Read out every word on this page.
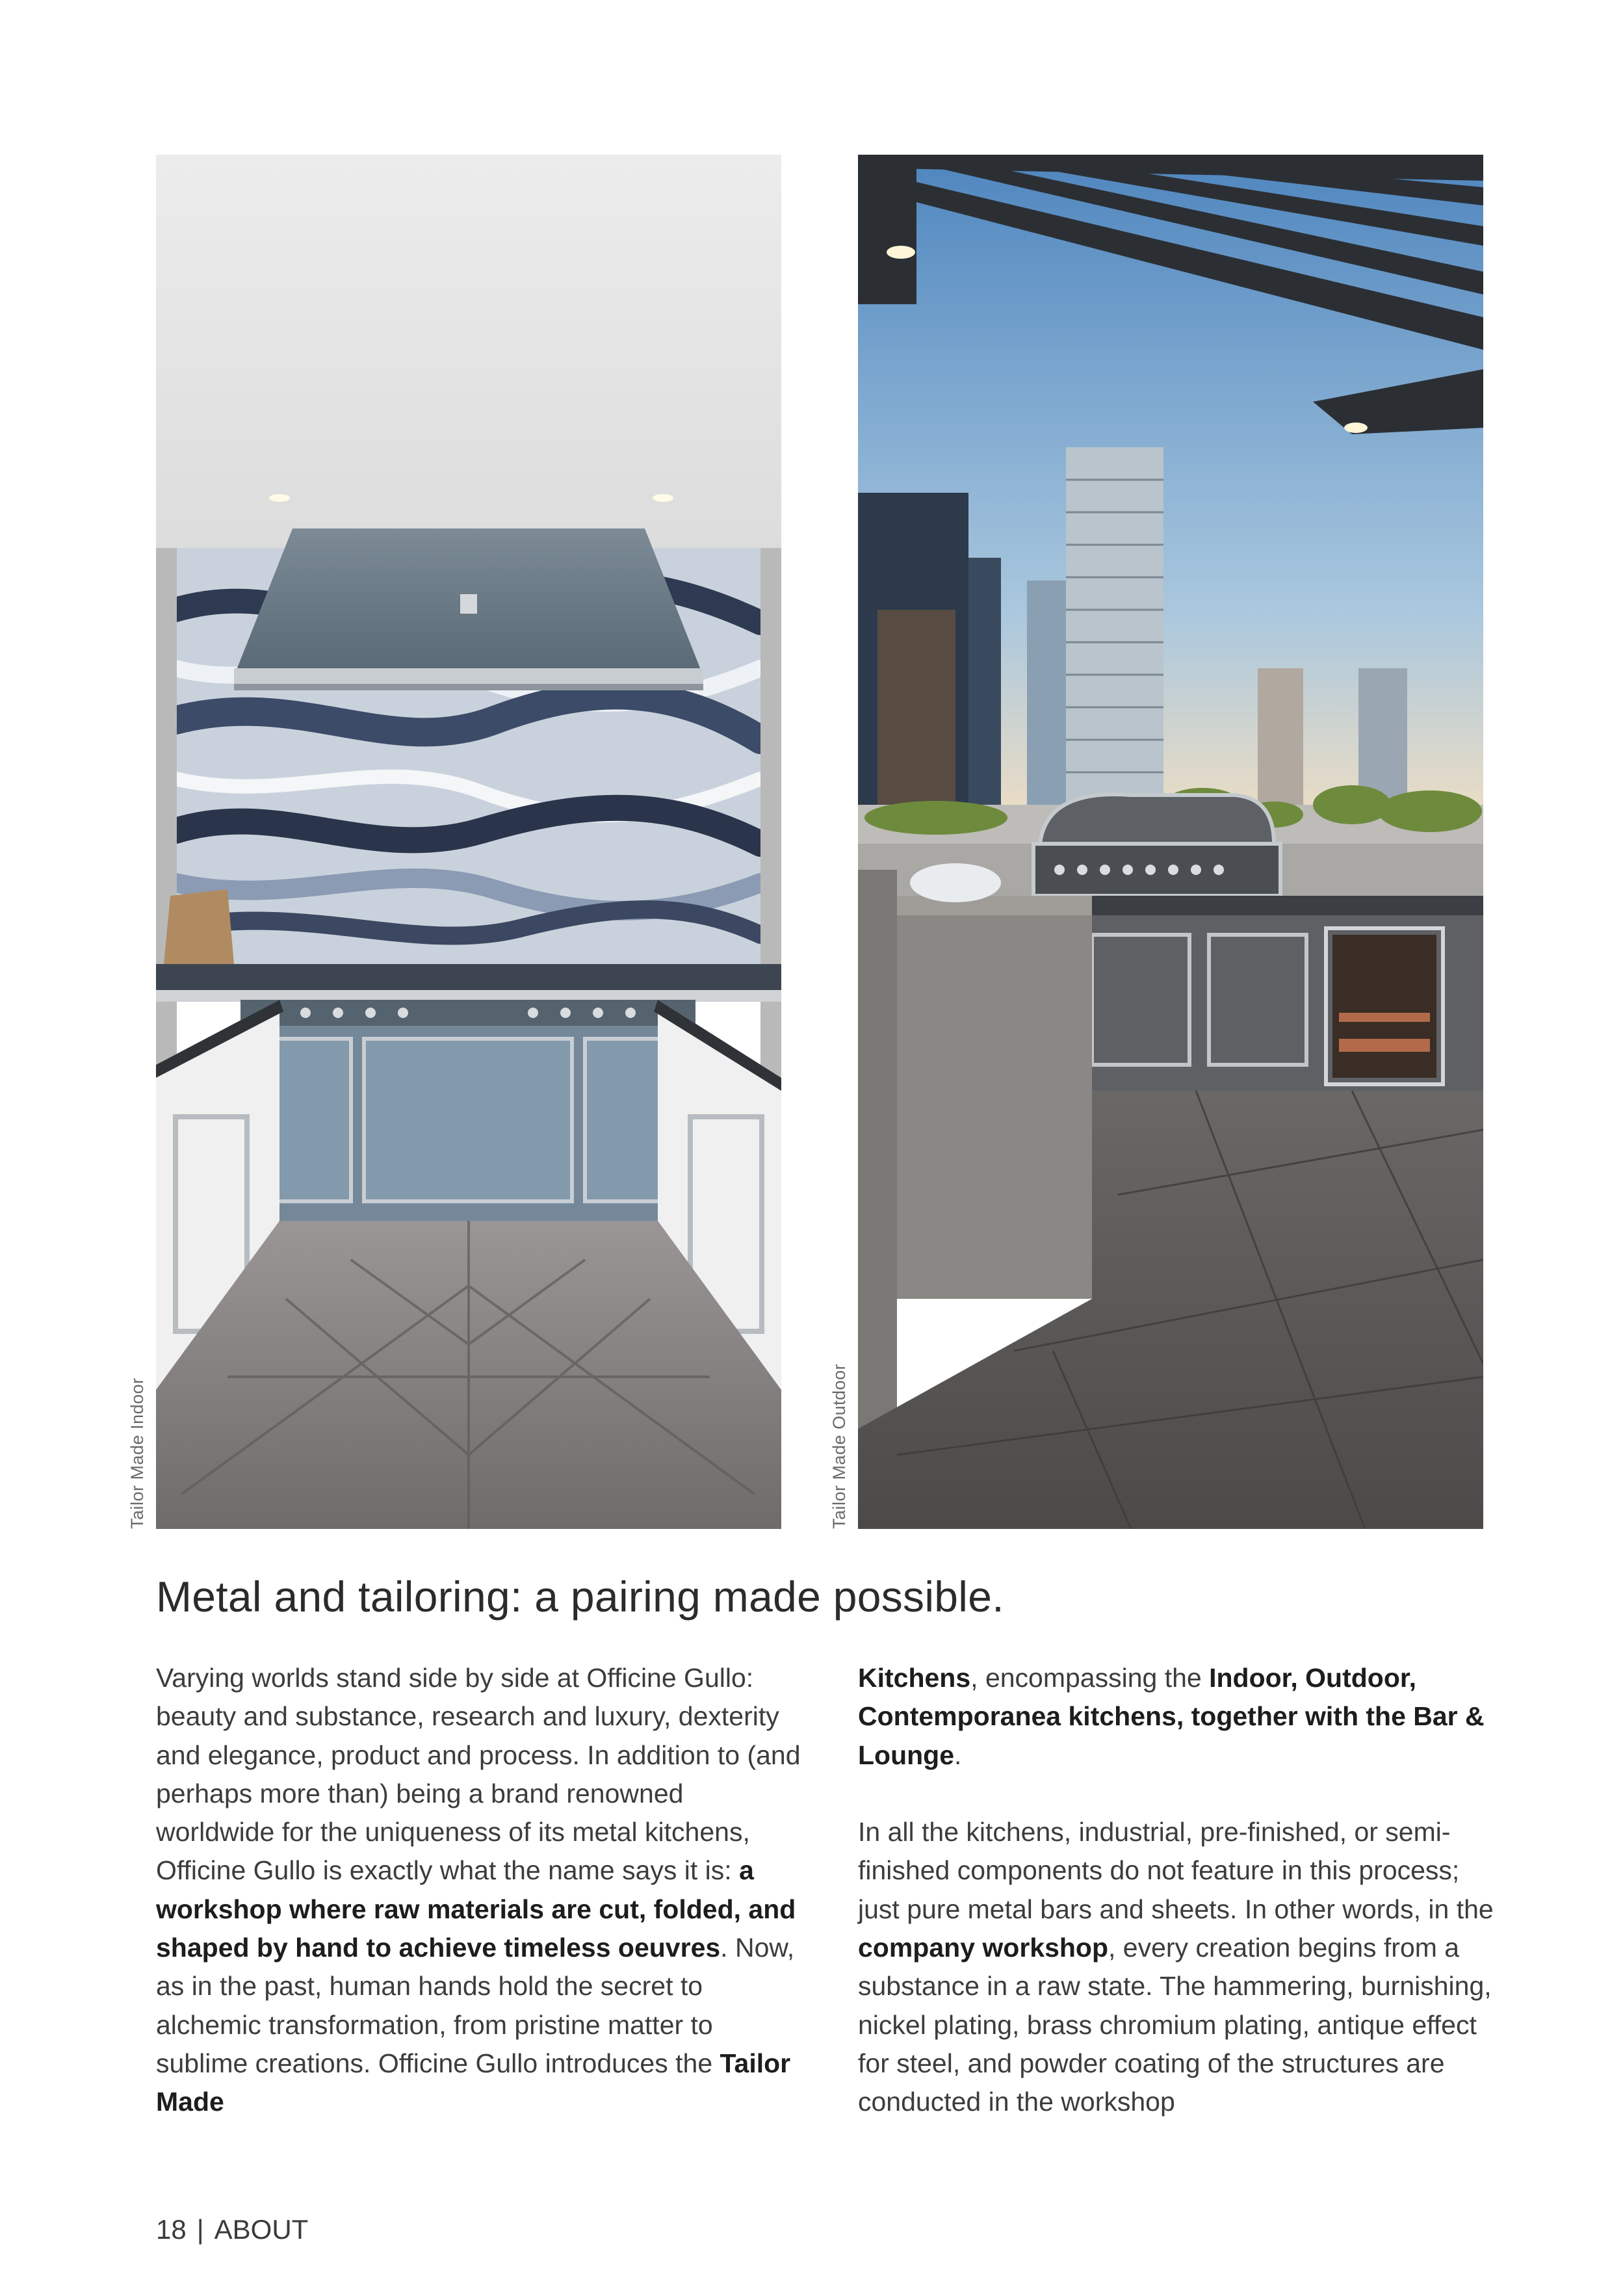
Tailor Made Indoor	Tailor Made Outdoor
Metal and tailoring: a pairing made possible.

Varying worlds stand side by side at Officine Gullo: beauty and substance, research and luxury, dexterity and elegance, product and process. In addition to (and perhaps more than) being a brand renowned worldwide for the uniqueness of its metal kitchens, Officine Gullo is exactly what the name says it is: a workshop where raw materials are cut, folded, and shaped by hand to achieve timeless oeuvres. Now, as in the past, human hands hold the secret to alchemic transformation, from pristine matter to sublime creations. Officine Gullo introduces the Tailor Made

Kitchens, encompassing the Indoor, Outdoor, Contemporanea kitchens, together with the Bar & Lounge.

In all the kitchens, industrial, pre-finished, or semi-finished components do not feature in this process; just pure metal bars and sheets. In other words, in the company workshop, every creation begins from a substance in a raw state. The hammering, burnishing, nickel plating, brass chromium plating, antique effect for steel, and powder coating of the structures are conducted in the workshop

18 | ABOUT
